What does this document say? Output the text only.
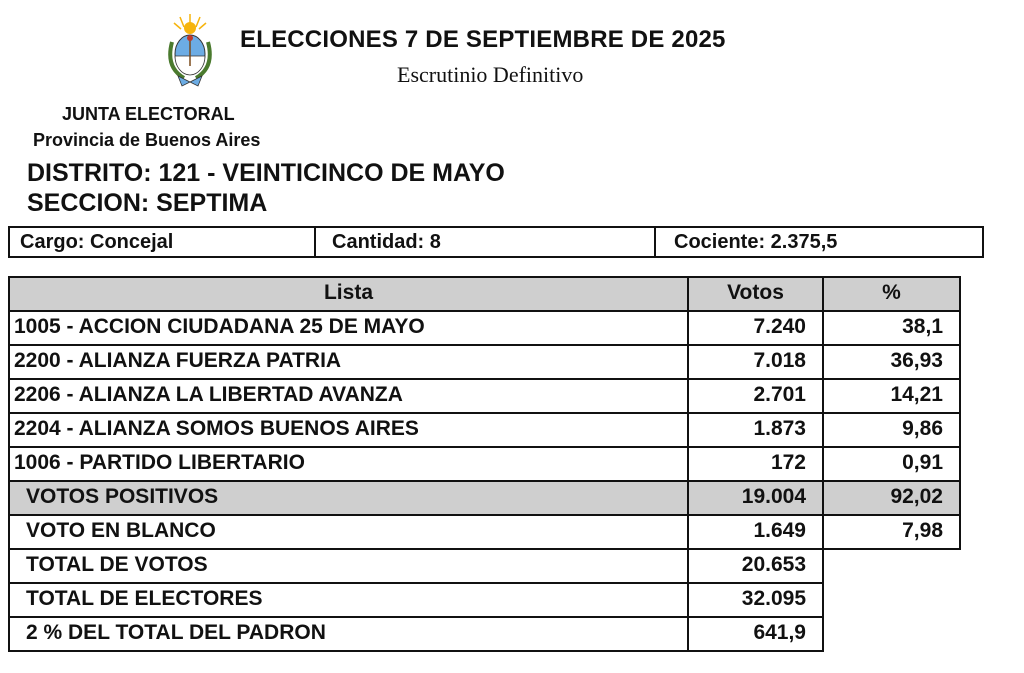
ELECCIONES 7 DE SEPTIEMBRE DE 2025
Escrutinio Definitivo
JUNTA ELECTORAL
Provincia de Buenos Aires
DISTRITO: 121 - VEINTICINCO DE MAYO
SECCION: SEPTIMA
Cargo: Concejal	Cantidad: 8	Cociente: 2.375,5
Lista	Votos	%
1005 - ACCION CIUDADANA 25 DE MAYO	7.240	38,1
2200 - ALIANZA FUERZA PATRIA	7.018	36,93
2206 - ALIANZA LA LIBERTAD AVANZA	2.701	14,21
2204 - ALIANZA SOMOS BUENOS AIRES	1.873	9,86
1006 - PARTIDO LIBERTARIO	172	0,91
VOTOS POSITIVOS	19.004	92,02
VOTO EN BLANCO	1.649	7,98
TOTAL DE VOTOS	20.653
TOTAL DE ELECTORES	32.095
2 % DEL TOTAL DEL PADRON	641,9
